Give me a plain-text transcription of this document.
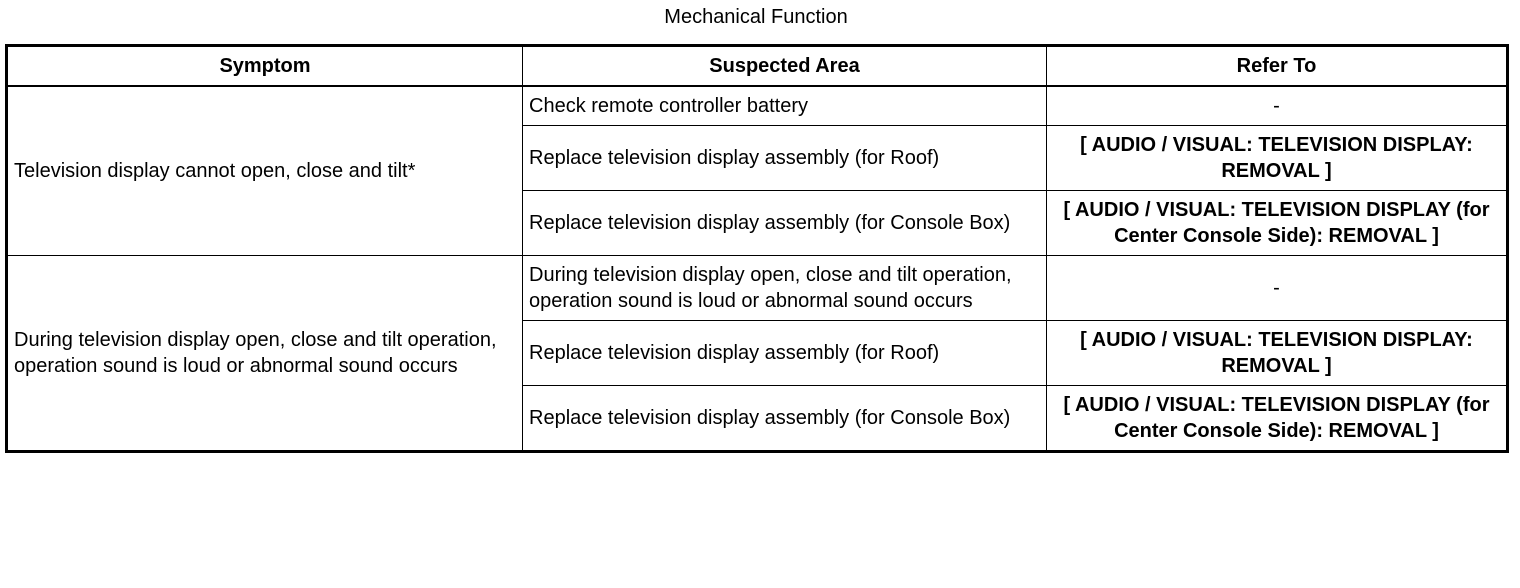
Mechanical Function
Symptom	Suspected Area	Refer To
Television display cannot open, close and tilt*	Check remote controller battery	-
	Replace television display assembly (for Roof)	[ AUDIO / VISUAL: TELEVISION DISPLAY: REMOVAL ]
	Replace television display assembly (for Console Box)	[ AUDIO / VISUAL: TELEVISION DISPLAY (for Center Console Side): REMOVAL ]
During television display open, close and tilt operation, operation sound is loud or abnormal sound occurs	During television display open, close and tilt operation, operation sound is loud or abnormal sound occurs	-
	Replace television display assembly (for Roof)	[ AUDIO / VISUAL: TELEVISION DISPLAY: REMOVAL ]
	Replace television display assembly (for Console Box)	[ AUDIO / VISUAL: TELEVISION DISPLAY (for Center Console Side): REMOVAL ]
